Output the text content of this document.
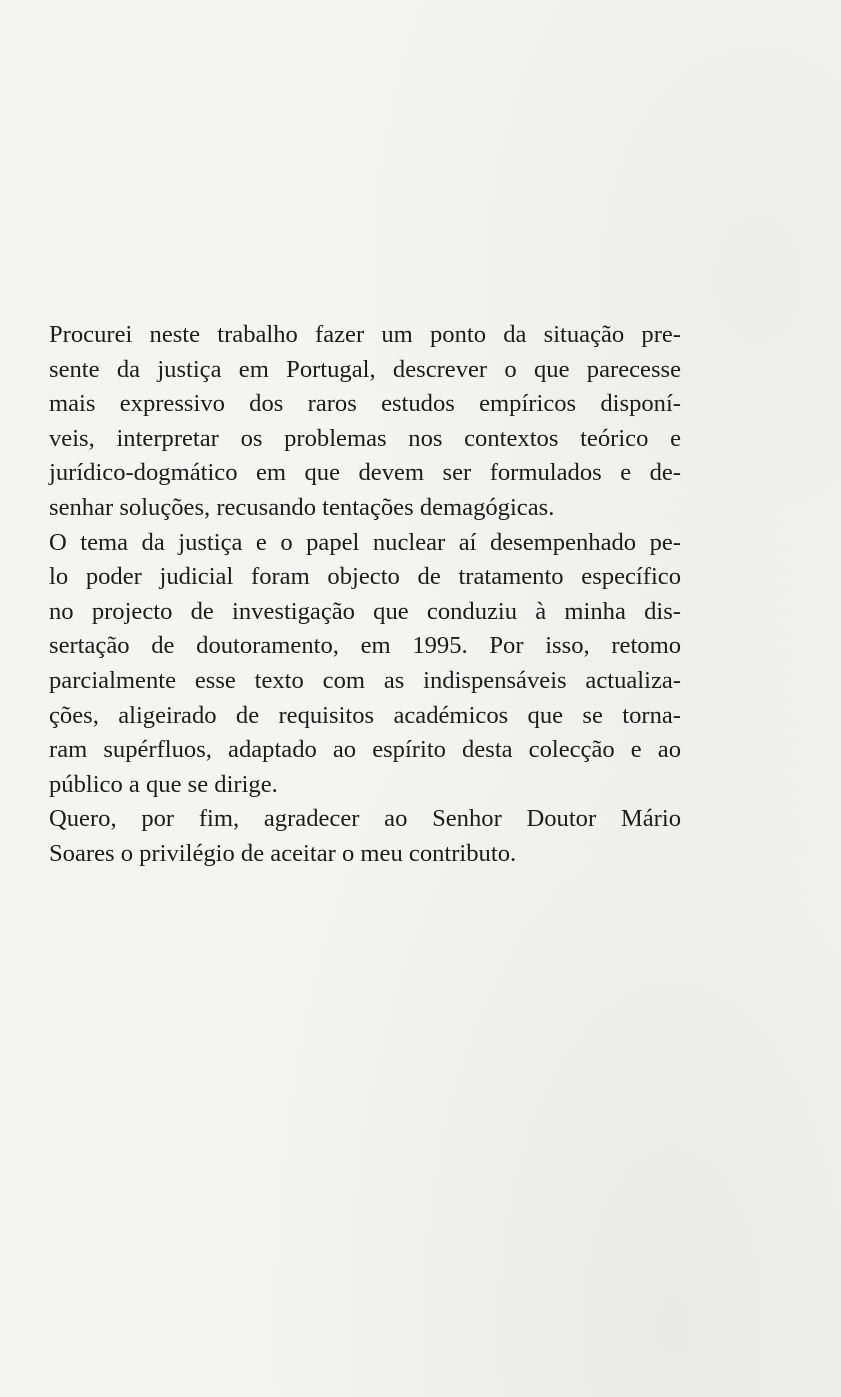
Procurei neste trabalho fazer um ponto da situação pre-
sente da justiça em Portugal, descrever o que parecesse
mais expressivo dos raros estudos empíricos disponí-
veis, interpretar os problemas nos contextos teórico e
jurídico-dogmático em que devem ser formulados e de-
senhar soluções, recusando tentações demagógicas.
O tema da justiça e o papel nuclear aí desempenhado pe-
lo poder judicial foram objecto de tratamento específico
no projecto de investigação que conduziu à minha dis-
sertação de doutoramento, em 1995. Por isso, retomo
parcialmente esse texto com as indispensáveis actualiza-
ções, aligeirado de requisitos académicos que se torna-
ram supérfluos, adaptado ao espírito desta colecção e ao
público a que se dirige.
Quero, por fim, agradecer ao Senhor Doutor Mário
Soares o privilégio de aceitar o meu contributo.
